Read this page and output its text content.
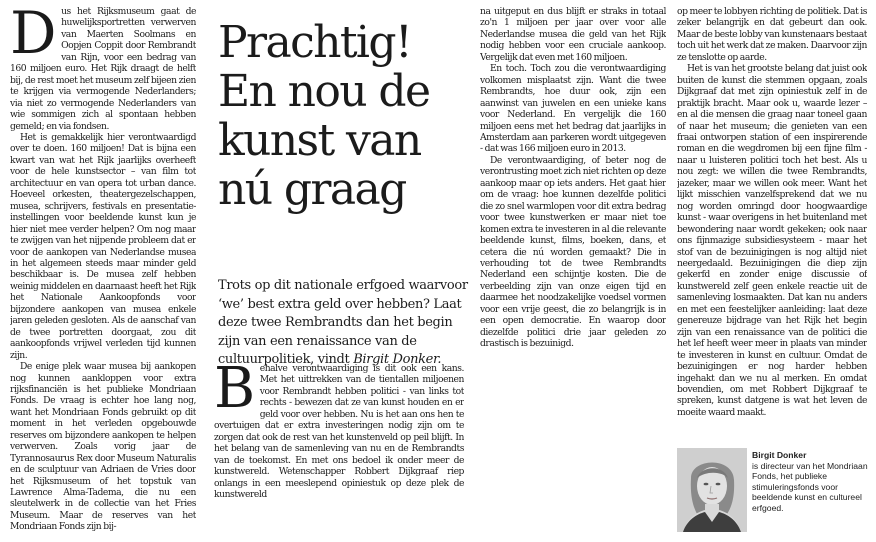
D us het Rijksmuseum gaat de huwelijksportretten verwerven van Maerten Soolmans en Oopjen Coppit door Rembrandt van Rijn, voor een bedrag van 160 miljoen euro. Het Rijk draagt de helft bij, de rest moet het museum zelf bijeen zien te krijgen via vermogende Nederlanders; via niet zo vermogende Nederlanders van wie sommigen zich al spontaan hebben gemeld; en via fondsen.

Het is gemakkelijk hier verontwaardigd over te doen. 160 miljoen! Dat is bijna een kwart van wat het Rijk jaarlijks overheeft voor de hele kunstsector – van film tot architectuur en van opera tot urban dance. Hoeveel orkesten, theatergezelschappen, musea, schrijvers, festivals en presentatie-instellingen voor beeldende kunst kun je hier niet mee verder helpen? Om nog maar te zwijgen van het nijpende probleem dat er voor de aankopen van Nederlandse musea in het algemeen steeds maar minder geld beschikbaar is. De musea zelf hebben weinig middelen en daarnaast heeft het Rijk het Nationale Aankoopfonds voor bijzondere aankopen van musea enkele jaren geleden gesloten. Als de aanschaf van de twee portretten doorgaat, zou dit aankoopfonds vrijwel verleden tijd kunnen zijn.

De enige plek waar musea bij aankopen nog kunnen aankloppen voor extra rijksfinanciën is het publieke Mondriaan Fonds. De vraag is echter hoe lang nog, want het Mondriaan Fonds gebruikt op dit moment in het verleden opgebouwde reserves om bijzondere aankopen te helpen verwerven. Zoals vorig jaar de Tyrannosaurus Rex door Museum Naturalis en de sculptuur van Adriaen de Vries door het Rijksmuseum of het topstuk van Lawrence Alma-Tadema, die nu een sleutelwerk in de collectie van het Fries Museum. Maar de reserves van het Mondriaan Fonds zijn bij-

Prachtig! En nou de kunst van nú graag

Trots op dit nationale erfgoed waarvoor ‘we’ best extra geld over hebben? Laat deze twee Rembrandts dan het begin zijn van een renaissance van de cultuurpolitiek, vindt Birgit Donker.

B ehalve verontwaardiging is dit ook een kans. Met het uittrekken van de tientallen miljoenen voor Rembrandt hebben politici - van links tot rechts - bewezen dat ze van kunst houden en er geld voor over hebben. Nu is het aan ons hen te overtuigen dat er extra investeringen nodig zijn om te zorgen dat ook de rest van het kunstenveld op peil blijft. In het belang van de samenleving van nu en de Rembrandts van de toekomst. En met ons bedoel ik onder meer de kunstwereld. Wetenschapper Robbert Dijkgraaf riep onlangs in een meeslepend opiniestuk op deze plek de kunstwereld

na uitgeput en dus blijft er straks in totaal zo'n 1 miljoen per jaar over voor alle Nederlandse musea die geld van het Rijk nodig hebben voor een cruciale aankoop. Vergelijk dat even met 160 miljoen.

En toch. Toch zou die verontwaardiging volkomen misplaatst zijn. Want die twee Rembrandts, hoe duur ook, zijn een aanwinst van juwelen en een unieke kans voor Nederland. En vergelijk die 160 miljoen eens met het bedrag dat jaarlijks in Amsterdam aan parkeren wordt uitgegeven - dat was 166 miljoen euro in 2013.

De verontwaardiging, of beter nog de verontrusting moet zich niet richten op deze aankoop maar op iets anders. Het gaat hier om de vraag: hoe kunnen dezelfde politici die zo snel warmlopen voor dit extra bedrag voor twee kunstwerken er maar niet toe komen extra te investeren in al die relevante beeldende kunst, films, boeken, dans, et cetera die nú worden gemaakt? Die in verhouding tot de twee Rembrandts Nederland een schijntje kosten. Die de verbeelding zijn van onze eigen tijd en daarmee het noodzakelijke voedsel vormen voor een vrije geest, die zo belangrijk is in een open democratie. En waarop door diezelfde politici drie jaar geleden zo drastisch is bezuinigd.

op meer te lobbyen richting de politiek. Dat is zeker belangrijk en dat gebeurt dan ook. Maar de beste lobby van kunstenaars bestaat toch uit het werk dat ze maken. Daarvoor zijn ze tenslotte op aarde.

Het is van het grootste belang dat juist ook buiten de kunst die stemmen opgaan, zoals Dijkgraaf dat met zijn opiniestuk zelf in de praktijk bracht. Maar ook u, waarde lezer – en al die mensen die graag naar toneel gaan of naar het museum; die genieten van een fraai ontworpen station of een inspirerende roman en die wegdromen bij een fijne film - naar u luisteren politici toch het best. Als u nou zegt: we willen die twee Rembrandts, jazeker, maar we willen ook meer. Want het lijkt misschien vanzelfsprekend dat we nu nog worden omringd door hoogwaardige kunst - waar overigens in het buitenland met bewondering naar wordt gekeken; ook naar ons fijnmazige subsidiesysteem - maar het stof van de bezuinigingen is nog altijd niet neergedaald. Bezuinigingen die diep zijn gekerfd en zonder enige discussie of kunstwereld zelf geen enkele reactie uit de samenleving losmaakten. Dat kan nu anders en met een feestelijker aanleiding: laat deze genereuze bijdrage van het Rijk het begin zijn van een renaissance van de politici die het lef heeft weer meer in plaats van minder te investeren in kunst en cultuur. Omdat de bezuinigingen er nog harder hebben ingehakt dan we nu al merken. En omdat bovendien, om met Robbert Dijkgraaf te spreken, kunst datgene is wat het leven de moeite waard maakt.

Birgit Donker
is directeur van het Mondriaan Fonds, het publieke stimuleringsfonds voor beeldende kunst en cultureel erfgoed.
